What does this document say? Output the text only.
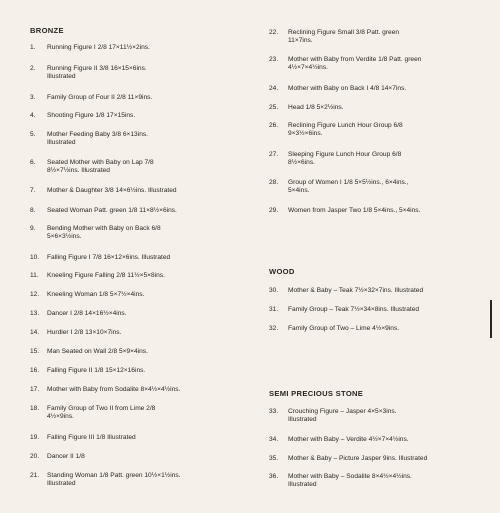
BRONZE
1.	Running Figure I 2/8 17×11½×2ins.
2.	Running Figure II 3/8 16×15×6ins.
Illustrated
3.	Family Group of Four II 2/8 11×9ins.
4.	Shooting Figure 1/8 17×15ins.
5.	Mother Feeding Baby 3/8 6×13ins.
Illustrated
6.	Seated Mother with Baby on Lap 7/8
8½×7½ins. Illustrated
7.	Mother & Daughter 3/8 14×6½ins. Illustrated
8.	Seated Woman Patt. green 1/8 11×8½×6ins.
9.	Bending Mother with Baby on Back 6/8
5×6×3½ins.
10.	Falling Figure I 7/8 16×12×6ins. Illustrated
11.	Kneeling Figure Falling 2/8 11½×5×8ins.
12.	Kneeling Woman 1/8 5×7½×4ins.
13.	Dancer I 2/8 14×16½×4ins.
14.	Hurdler I 2/8 13×10×7ins.
15.	Man Seated on Wall 2/8 5×9×4ins.
16.	Falling Figure II 1/8 15×12×16ins.
17.	Mother with Baby from Sodalite 8×4½×4½ins.
18.	Family Group of Two II from Lime 2/8
4½×9ins.
19.	Falling Figure III 1/8 Illustrated
20.	Dancer II 1/8
21.	Standing Woman 1/8 Patt. green 10½×1½ins.
Illustrated
22.	Reclining Figure Small 3/8 Patt. green
11×7ins.
23.	Mother with Baby from Verdite 1/8 Patt. green
4½×7×4½ins.
24.	Mother with Baby on Back I 4/8 14×7ins.
25.	Head 1/8 5×2½ins.
26.	Reclining Figure Lunch Hour Group 6/8
9×3½×6ins.
27.	Sleeping Figure Lunch Hour Group 6/8
8½×6ins.
28.	Group of Women I 1/8 5×5½ins., 6×4ins.,
5×4ins.
29.	Women from Jasper Two 1/8 5×4ins., 5×4ins.
WOOD
30.	Mother & Baby – Teak 7½×32×7ins. Illustrated
31.	Family Group – Teak 7½×34×8ins. Illustrated
32.	Family Group of Two – Lime 4½×9ins.
SEMI PRECIOUS STONE
33.	Crouching Figure – Jasper 4×5×3ins.
Illustrated
34.	Mother with Baby – Verdite 4½×7×4½ins.
35.	Mother & Baby – Picture Jasper 9ins. Illustrated
36.	Mother with Baby – Sodalite 8×4½×4½ins.
Illustrated
